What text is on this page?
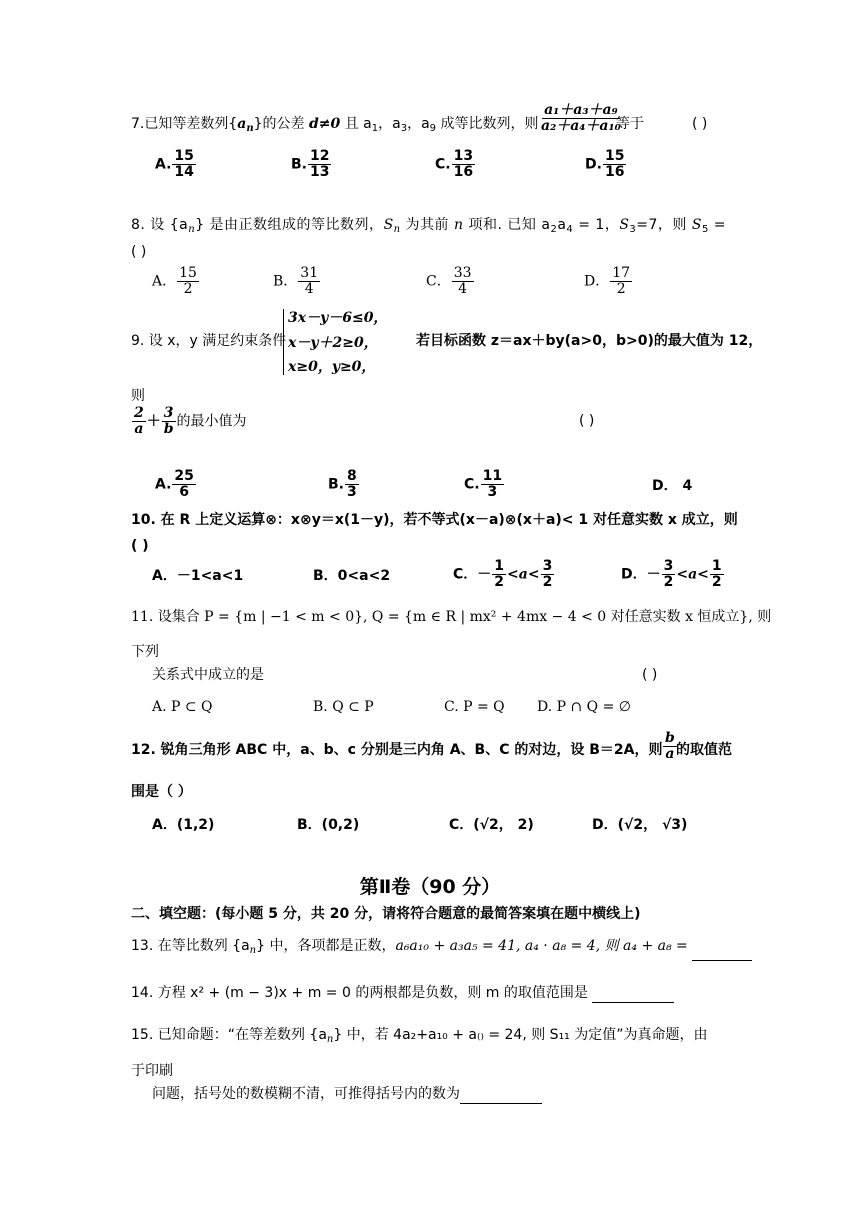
7.已知等差数列$\{a_n\}$的公差 d≠0 且 $a_1$，$a_3$，$a_9$ 成等比数列，则 $\frac{\text{a₁＋a₃＋a₉}}{\text{a₂＋a₄＋a₁₀}}$
等于	( )
A. $\frac{15}{14}$	B. $\frac{12}{13}$	C. $\frac{13}{16}$	D. $\frac{15}{16}$
8. 设 $\{a_n\}$ 是由正数组成的等比数列，$S_n$ 为其前 n 项和. 已知 $a_2a_4 = 1$，$S_3=7$，则 $S_5$ =
( )
A． $\frac{15}{2}$	B． $\frac{31}{4}$	C． $\frac{33}{4}$	D． $\frac{17}{2}$
9. 设 x，y 满足约束条件
3x－y－6≤0，
x－y＋2≥0，
x≥0，y≥0，
若目标函数 z＝ax＋by(a>0，b>0)的最大值为 12，
则
$\frac{2}{a} + \frac{3}{b}$ 的最小值为	( )
A. $\frac{25}{6}$	B. $\frac{8}{3}$	C. $\frac{11}{3}$	D． 4
10. 在 R 上定义运算⊗：x⊗y＝x(1－y)，若不等式(x－a)⊗(x＋a)< 1 对任意实数 x 成立，则
( )
A．－1<a<1	B．0<a<2	C．－ $\frac{1}{2} <a< \frac{3}{2}$	D．－ $\frac{3}{2} <a< \frac{1}{2}$
11. 设集合 P = {m | −1 < m < 0}, Q = {m ∈ R | mx² + 4mx − 4 < 0 对任意实数 x 恒成立}, 则
下列
关系式中成立的是	( )
A. P ⊂ Q	B. Q ⊂ P	C. P = Q D. P ∩ Q = ∅
12. 锐角三角形 ABC 中，a、b、c 分别是三内角 A、B、C 的对边，设 B＝2A，则 $\frac{b}{a}$ 的取值范
围是（ ）
A．(1,2)	B．(0,2)	C．(√2， 2)	D．(√2， √3)
第Ⅱ卷（90 分）
二、填空题：(每小题 5 分，共 20 分，请将符合题意的最简答案填在题中横线上)
13. 在等比数列 $\{a_n\}$ 中，各项都是正数，a₆a₁₀ + a₃a₅ = 41, a₄ · a₈ = 4, 则 a₄ + a₈ =
14. 方程 x² + (m − 3)x + m = 0 的两根都是负数，则 m 的取值范围是
15. 已知命题：“在等差数列 $\{a_n\}$ 中，若 4a₂+a₁₀ + a₍₎ = 24, 则 S₁₁ 为定值”为真命题，由
于印刷
问题，括号处的数模糊不清，可推得括号内的数为
